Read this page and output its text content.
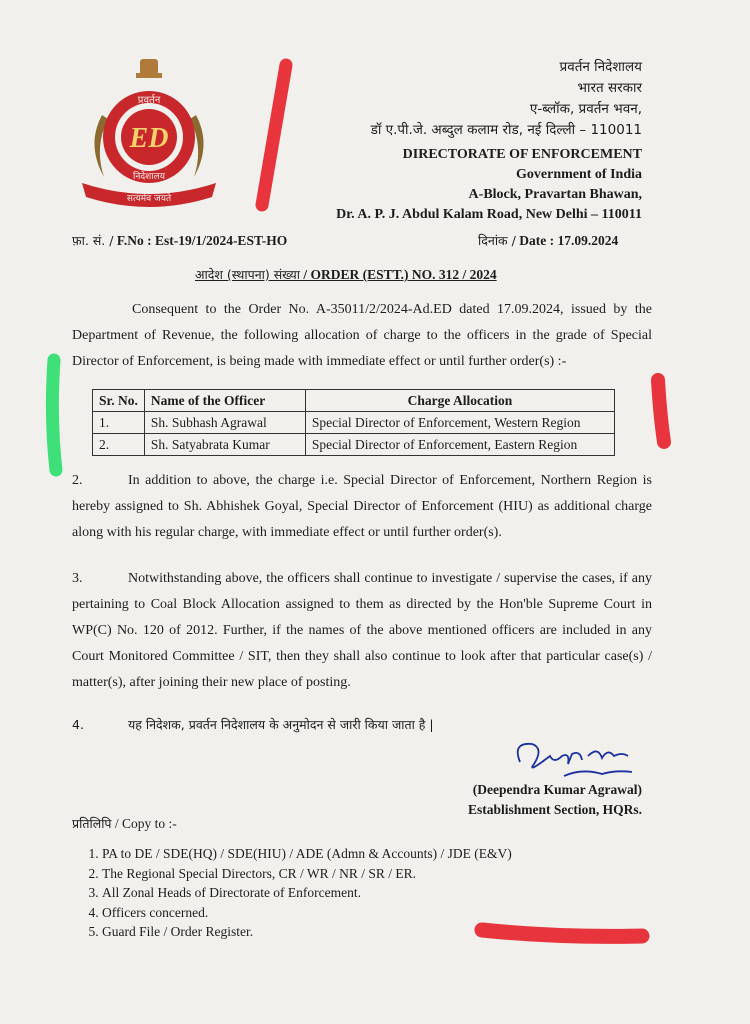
ED
प्रवर्तन
निदेशालय
सत्यमेव जयते
प्रवर्तन निदेशालय
भारत सरकार
ए-ब्लॉक, प्रवर्तन भवन,
डॉ ए.पी.जे. अब्दुल कलाम रोड, नई दिल्ली – 110011
DIRECTORATE OF ENFORCEMENT
Government of India
A-Block, Pravartan Bhawan,
Dr. A. P. J. Abdul Kalam Road, New Delhi – 110011
फ़ा. सं. / F.No : Est-19/1/2024-EST-HO	दिनांक / Date : 17.09.2024
आदेश (स्थापना) संख्या / ORDER (ESTT.) NO. 312 / 2024
Consequent to the Order No. A-35011/2/2024-Ad.ED dated 17.09.2024, issued by the Department of Revenue, the following allocation of charge to the officers in the grade of Special Director of Enforcement, is being made with immediate effect or until further order(s) :-
Sr. No.	Name of the Officer	Charge Allocation
1.	Sh. Subhash Agrawal	Special Director of Enforcement, Western Region
2.	Sh. Satyabrata Kumar	Special Director of Enforcement, Eastern Region
2.	In addition to above, the charge i.e. Special Director of Enforcement, Northern Region is hereby assigned to Sh. Abhishek Goyal, Special Director of Enforcement (HIU) as additional charge along with his regular charge, with immediate effect or until further order(s).
3.	Notwithstanding above, the officers shall continue to investigate / supervise the cases, if any pertaining to Coal Block Allocation assigned to them as directed by the Hon'ble Supreme Court in WP(C) No. 120 of 2012. Further, if the names of the above mentioned officers are included in any Court Monitored Committee / SIT, then they shall also continue to look after that particular case(s) / matter(s), after joining their new place of posting.
4.	यह निदेशक, प्रवर्तन निदेशालय के अनुमोदन से जारी किया जाता है |
(Deependra Kumar Agrawal)
Establishment Section, HQRs.
प्रतिलिपि / Copy to :-
1. PA to DE / SDE(HQ) / SDE(HIU) / ADE (Admn & Accounts) / JDE (E&V)
2. The Regional Special Directors, CR / WR / NR / SR / ER.
3. All Zonal Heads of Directorate of Enforcement.
4. Officers concerned.
5. Guard File / Order Register.
